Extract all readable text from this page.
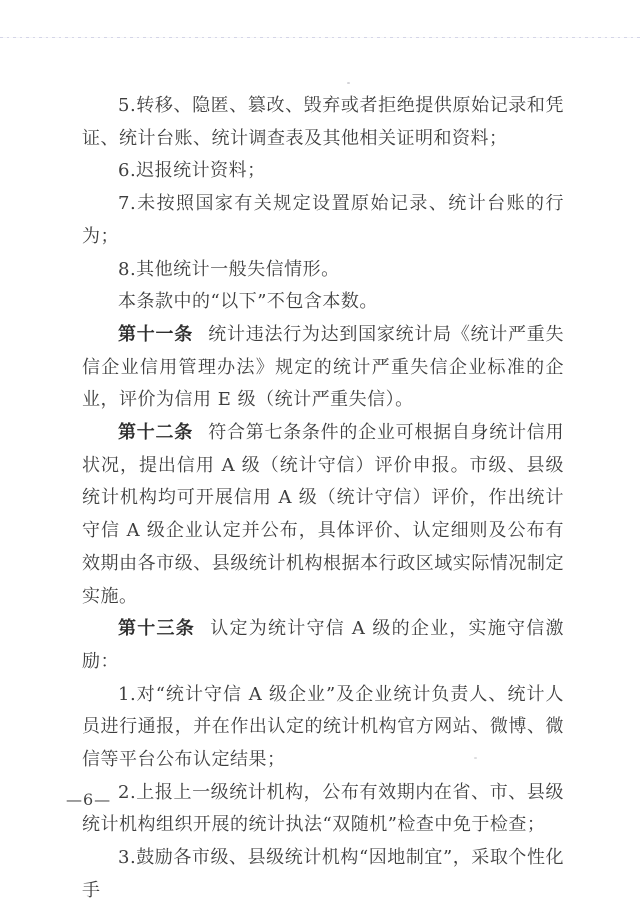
5.转移、隐匿、篡改、毁弃或者拒绝提供原始记录和凭证、统计台账、统计调查表及其他相关证明和资料；

6.迟报统计资料；

7.未按照国家有关规定设置原始记录、统计台账的行为；

8.其他统计一般失信情形。

本条款中的“以下”不包含本数。

第十一条 统计违法行为达到国家统计局《统计严重失信企业信用管理办法》规定的统计严重失信企业标准的企业，评价为信用 E 级（统计严重失信）。

第十二条 符合第七条条件的企业可根据自身统计信用状况，提出信用 A 级（统计守信）评价申报。市级、县级统计机构均可开展信用 A 级（统计守信）评价，作出统计守信 A 级企业认定并公布，具体评价、认定细则及公布有效期由各市级、县级统计机构根据本行政区域实际情况制定实施。

第十三条 认定为统计守信 A 级的企业，实施守信激励：

1.对“统计守信 A 级企业”及企业统计负责人、统计人员进行通报，并在作出认定的统计机构官方网站、微博、微信等平台公布认定结果；

2.上报上一级统计机构，公布有效期内在省、市、县级统计机构组织开展的统计执法“双随机”检查中免于检查；

3.鼓励各市级、县级统计机构“因地制宜”，采取个性化手

—6—
